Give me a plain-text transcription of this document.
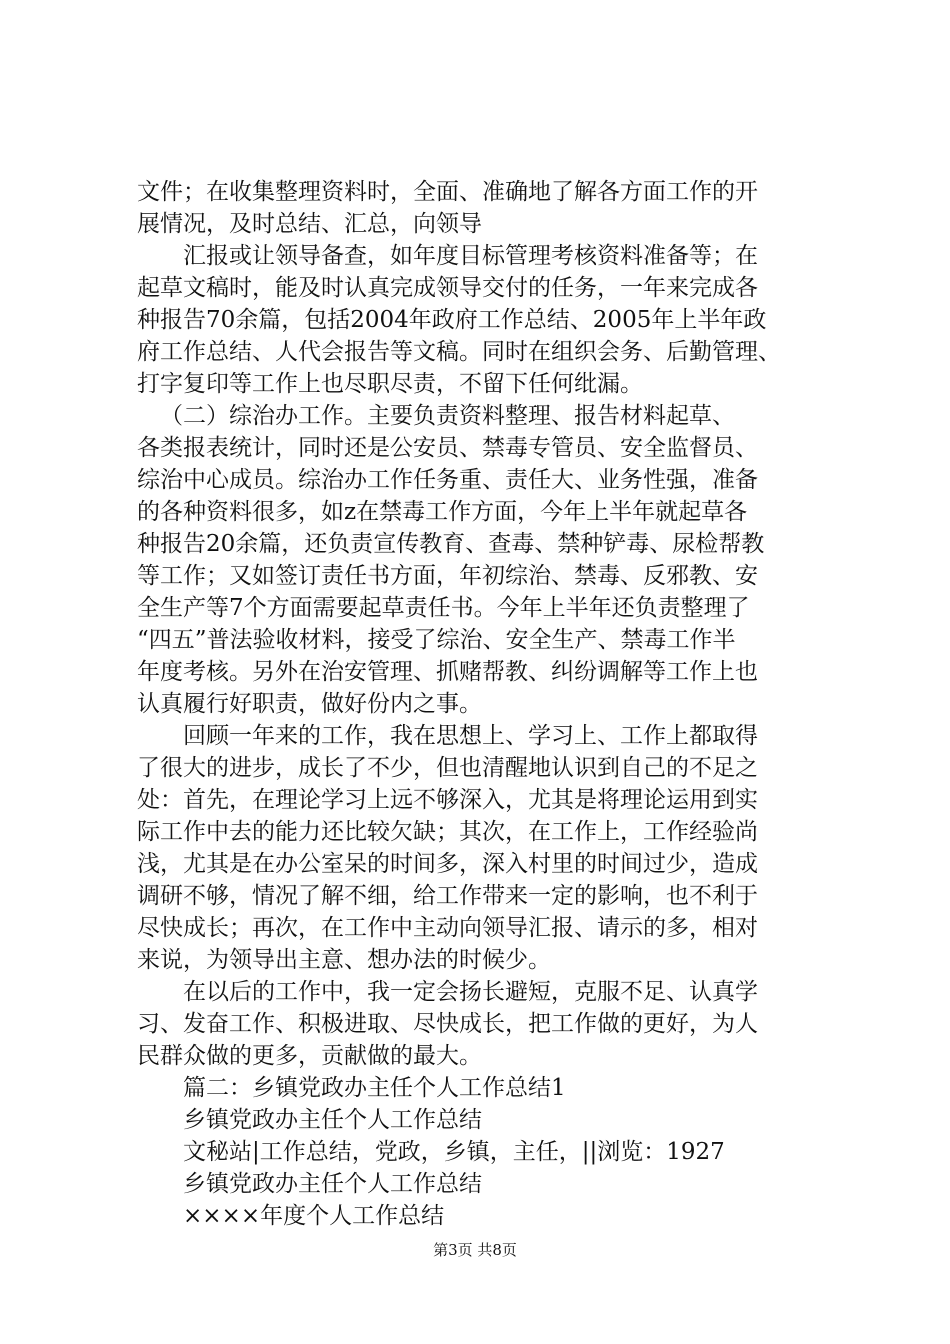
文件；在收集整理资料时，全面、准确地了解各方面工作的开
展情况，及时总结、汇总，向领导
汇报或让领导备查，如年度目标管理考核资料准备等；在
起草文稿时，能及时认真完成领导交付的任务，一年来完成各
种报告70余篇，包括2004年政府工作总结、2005年上半年政
府工作总结、人代会报告等文稿。同时在组织会务、后勤管理、
打字复印等工作上也尽职尽责，不留下任何纰漏。
（二）综治办工作。主要负责资料整理、报告材料起草、
各类报表统计，同时还是公安员、禁毒专管员、安全监督员、
综治中心成员。综治办工作任务重、责任大、业务性强，准备
的各种资料很多，如z在禁毒工作方面，今年上半年就起草各
种报告20余篇，还负责宣传教育、查毒、禁种铲毒、尿检帮教
等工作；又如签订责任书方面，年初综治、禁毒、反邪教、安
全生产等7个方面需要起草责任书。今年上半年还负责整理了
“四五”普法验收材料，接受了综治、安全生产、禁毒工作半
年度考核。另外在治安管理、抓赌帮教、纠纷调解等工作上也
认真履行好职责，做好份内之事。
回顾一年来的工作，我在思想上、学习上、工作上都取得
了很大的进步，成长了不少，但也清醒地认识到自己的不足之
处：首先，在理论学习上远不够深入，尤其是将理论运用到实
际工作中去的能力还比较欠缺；其次，在工作上，工作经验尚
浅，尤其是在办公室呆的时间多，深入村里的时间过少，造成
调研不够，情况了解不细，给工作带来一定的影响，也不利于
尽快成长；再次，在工作中主动向领导汇报、请示的多，相对
来说，为领导出主意、想办法的时候少。
在以后的工作中，我一定会扬长避短，克服不足、认真学
习、发奋工作、积极进取、尽快成长，把工作做的更好，为人
民群众做的更多，贡献做的最大。
篇二：乡镇党政办主任个人工作总结1
乡镇党政办主任个人工作总结
文秘站|工作总结，党政，乡镇，主任，||浏览：1927
乡镇党政办主任个人工作总结
××××年度个人工作总结
第3页 共8页
